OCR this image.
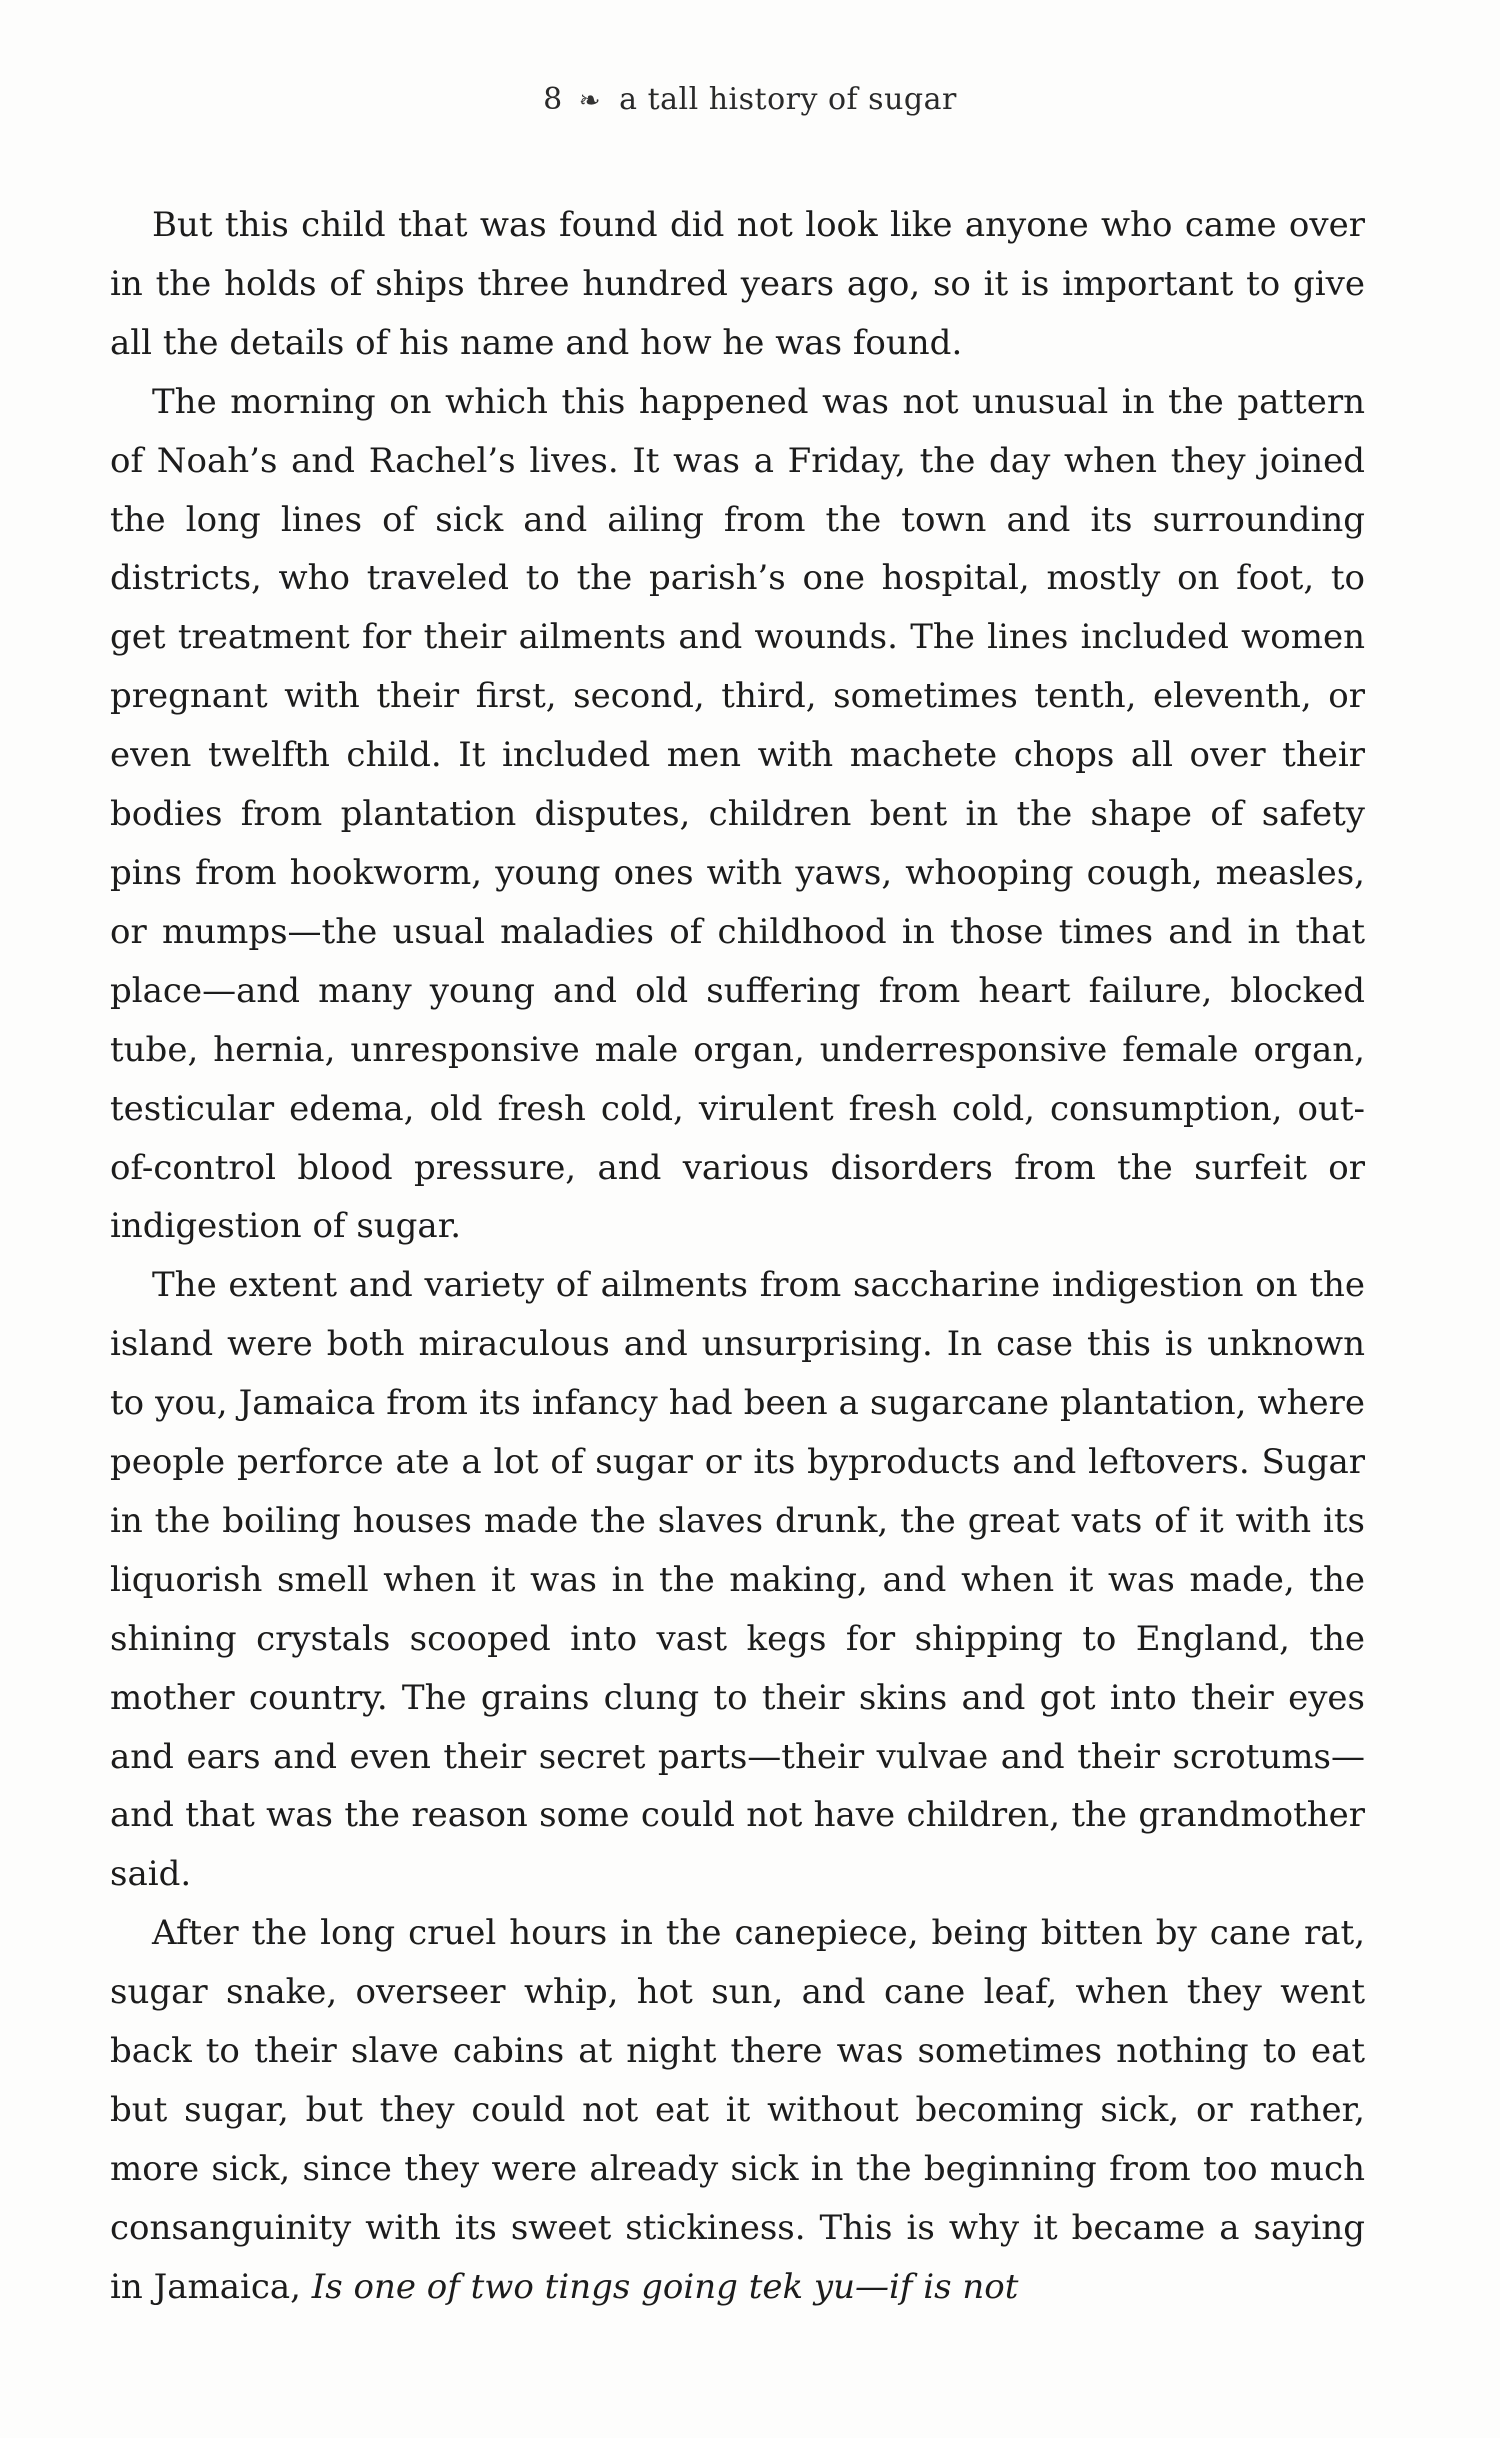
8 ❧ a tall history of sugar

But this child that was found did not look like anyone who came over in the holds of ships three hundred years ago, so it is important to give all the details of his name and how he was found.

The morning on which this happened was not unusual in the pattern of Noah’s and Rachel’s lives. It was a Friday, the day when they joined the long lines of sick and ailing from the town and its surrounding districts, who traveled to the parish’s one hospital, mostly on foot, to get treatment for their ailments and wounds. The lines included women pregnant with their first, second, third, sometimes tenth, eleventh, or even twelfth child. It included men with machete chops all over their bodies from plantation disputes, children bent in the shape of safety pins from hookworm, young ones with yaws, whooping cough, measles, or mumps—the usual maladies of childhood in those times and in that place—and many young and old suffering from heart failure, blocked tube, hernia, unresponsive male organ, underresponsive female organ, testicular edema, old fresh cold, virulent fresh cold, consumption, out-of-control blood pressure, and various disorders from the surfeit or indigestion of sugar.

The extent and variety of ailments from saccharine indigestion on the island were both miraculous and unsurprising. In case this is unknown to you, Jamaica from its infancy had been a sugarcane plantation, where people perforce ate a lot of sugar or its byproducts and leftovers. Sugar in the boiling houses made the slaves drunk, the great vats of it with its liquorish smell when it was in the making, and when it was made, the shining crystals scooped into vast kegs for shipping to England, the mother country. The grains clung to their skins and got into their eyes and ears and even their secret parts—their vulvae and their scrotums—and that was the reason some could not have children, the grandmother said.

After the long cruel hours in the canepiece, being bitten by cane rat, sugar snake, overseer whip, hot sun, and cane leaf, when they went back to their slave cabins at night there was sometimes nothing to eat but sugar, but they could not eat it without becoming sick, or rather, more sick, since they were already sick in the beginning from too much consanguinity with its sweet stickiness. This is why it became a saying in Jamaica, Is one of two tings going tek yu—if is not
